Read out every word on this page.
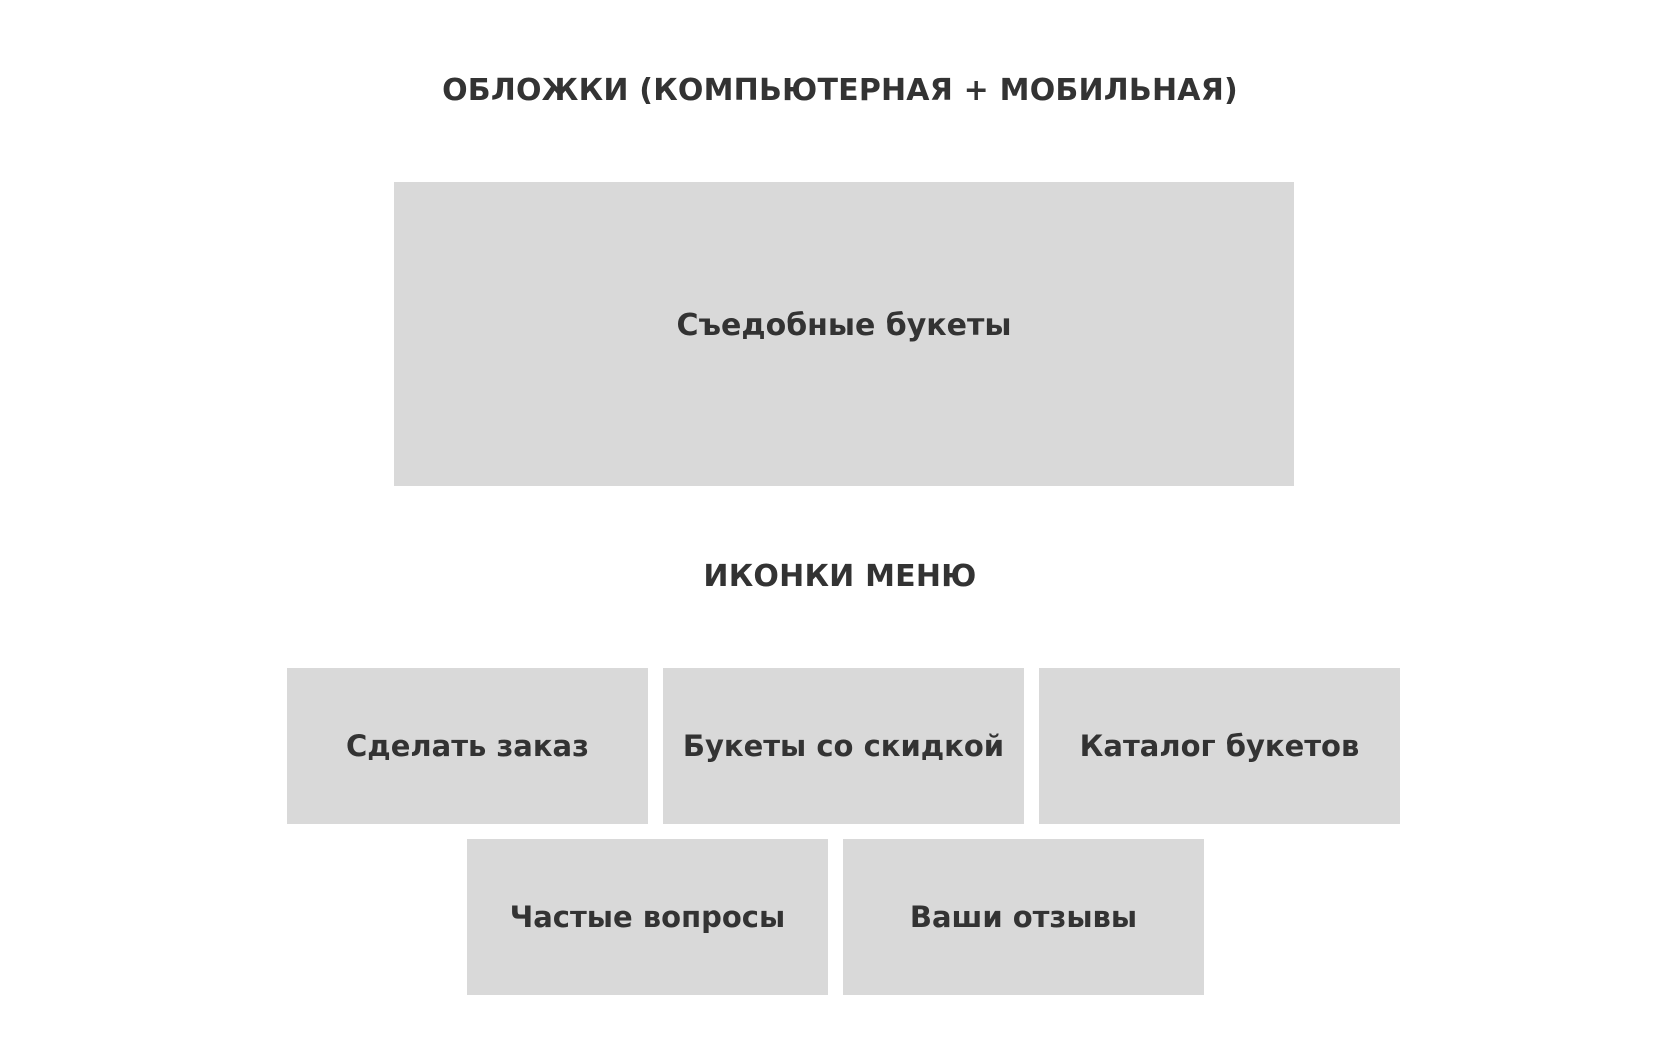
ОБЛОЖКИ (КОМПЬЮТЕРНАЯ + МОБИЛЬНАЯ)
Съедобные букеты
ИКОНКИ МЕНЮ
Сделать заказ	Букеты со скидкой	Каталог букетов
Частые вопросы	Ваши отзывы
